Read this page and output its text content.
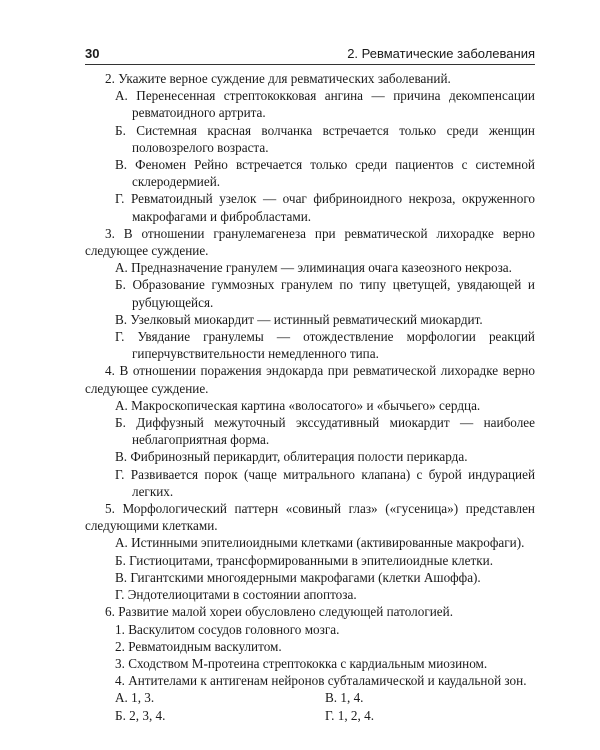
30	2. Ревматические заболевания

2. Укажите верное суждение для ревматических заболеваний.

А. Перенесенная стрептококковая ангина — причина декомпенсации ревматоидного артрита.

Б. Системная красная волчанка встречается только среди женщин половозрелого возраста.

В. Феномен Рейно встречается только среди пациентов с системной склеродермией.

Г. Ревматоидный узелок — очаг фибриноидного некроза, окруженного макрофагами и фибробластами.

3. В отношении гранулемагенеза при ревматической лихорадке верно следующее суждение.

А. Предназначение гранулем — элиминация очага казеозного некроза.

Б. Образование гуммозных гранулем по типу цветущей, увядающей и рубцующейся.

В. Узелковый миокардит — истинный ревматический миокардит.

Г. Увядание гранулемы — отождествление морфологии реакций гиперчувствительности немедленного типа.

4. В отношении поражения эндокарда при ревматической лихорадке верно следующее суждение.

А. Макроскопическая картина «волосатого» и «бычьего» сердца.

Б. Диффузный межуточный экссудативный миокардит — наиболее неблагоприятная форма.

В. Фибринозный перикардит, облитерация полости перикарда.

Г. Развивается порок (чаще митрального клапана) с бурой индурацией легких.

5. Морфологический паттерн «совиный глаз» («гусеница») представлен следующими клетками.

А. Истинными эпителиоидными клетками (активированные макрофаги).

Б. Гистиоцитами, трансформированными в эпителиоидные клетки.

В. Гигантскими многоядерными макрофагами (клетки Ашоффа).

Г. Эндотелиоцитами в состоянии апоптоза.

6. Развитие малой хореи обусловлено следующей патологией.

1. Васкулитом сосудов головного мозга.

2. Ревматоидным васкулитом.

3. Сходством М-протеина стрептококка с кардиальным миозином.

4. Антителами к антигенам нейронов субталамической и каудальной зон.

А. 1, 3.	В. 1, 4.
Б. 2, 3, 4.	Г. 1, 2, 4.
